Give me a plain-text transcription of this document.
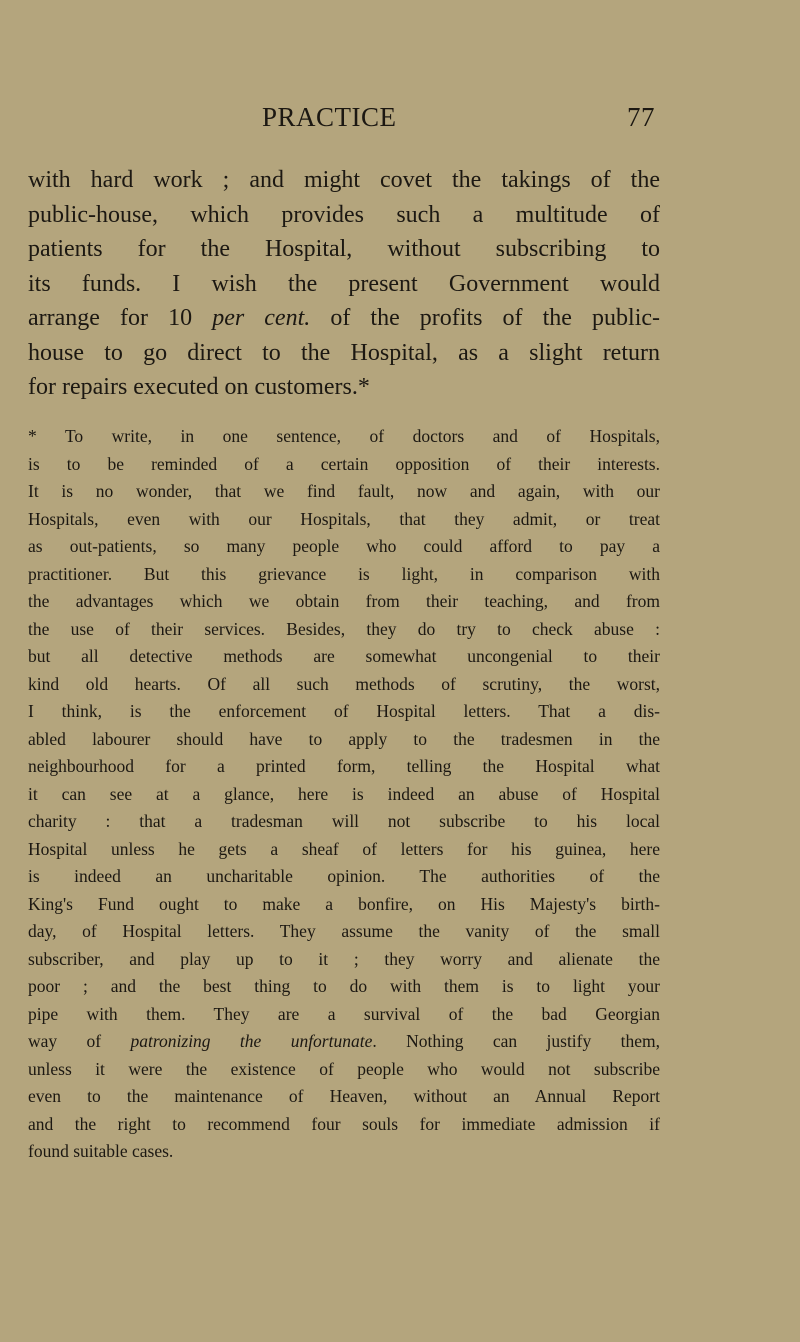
PRACTICE	77
with hard work ; and might covet the takings of the
public-house, which provides such a multitude of
patients for the Hospital, without subscribing to
its funds. I wish the present Government would
arrange for 10 per cent. of the profits of the public-
house to go direct to the Hospital, as a slight return
for repairs executed on customers.*
* To write, in one sentence, of doctors and of Hospitals,
is to be reminded of a certain opposition of their interests.
It is no wonder, that we find fault, now and again, with our
Hospitals, even with our Hospitals, that they admit, or treat
as out-patients, so many people who could afford to pay a
practitioner. But this grievance is light, in comparison with
the advantages which we obtain from their teaching, and from
the use of their services. Besides, they do try to check abuse :
but all detective methods are somewhat uncongenial to their
kind old hearts. Of all such methods of scrutiny, the worst,
I think, is the enforcement of Hospital letters. That a dis-
abled labourer should have to apply to the tradesmen in the
neighbourhood for a printed form, telling the Hospital what
it can see at a glance, here is indeed an abuse of Hospital
charity : that a tradesman will not subscribe to his local
Hospital unless he gets a sheaf of letters for his guinea, here
is indeed an uncharitable opinion. The authorities of the
King's Fund ought to make a bonfire, on His Majesty's birth-
day, of Hospital letters. They assume the vanity of the small
subscriber, and play up to it ; they worry and alienate the
poor ; and the best thing to do with them is to light your
pipe with them. They are a survival of the bad Georgian
way of patronizing the unfortunate. Nothing can justify them,
unless it were the existence of people who would not subscribe
even to the maintenance of Heaven, without an Annual Report
and the right to recommend four souls for immediate admission if
found suitable cases.
